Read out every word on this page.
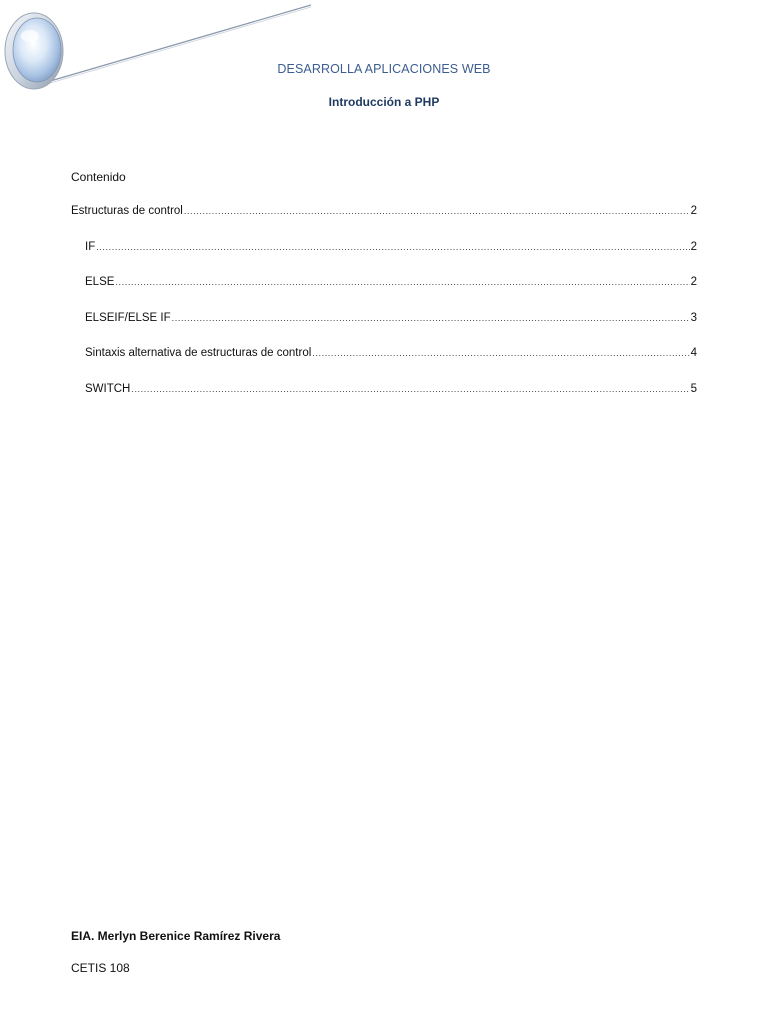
DESARROLLA APLICACIONES WEB
Introducción a PHP
Contenido
Estructuras de control .....	2
IF .....	2
ELSE .....	2
ELSEIF/ELSE IF .....	3
Sintaxis alternativa de estructuras de control .....	4
SWITCH .....	5
EIA. Merlyn Berenice Ramírez Rivera
CETIS 108
